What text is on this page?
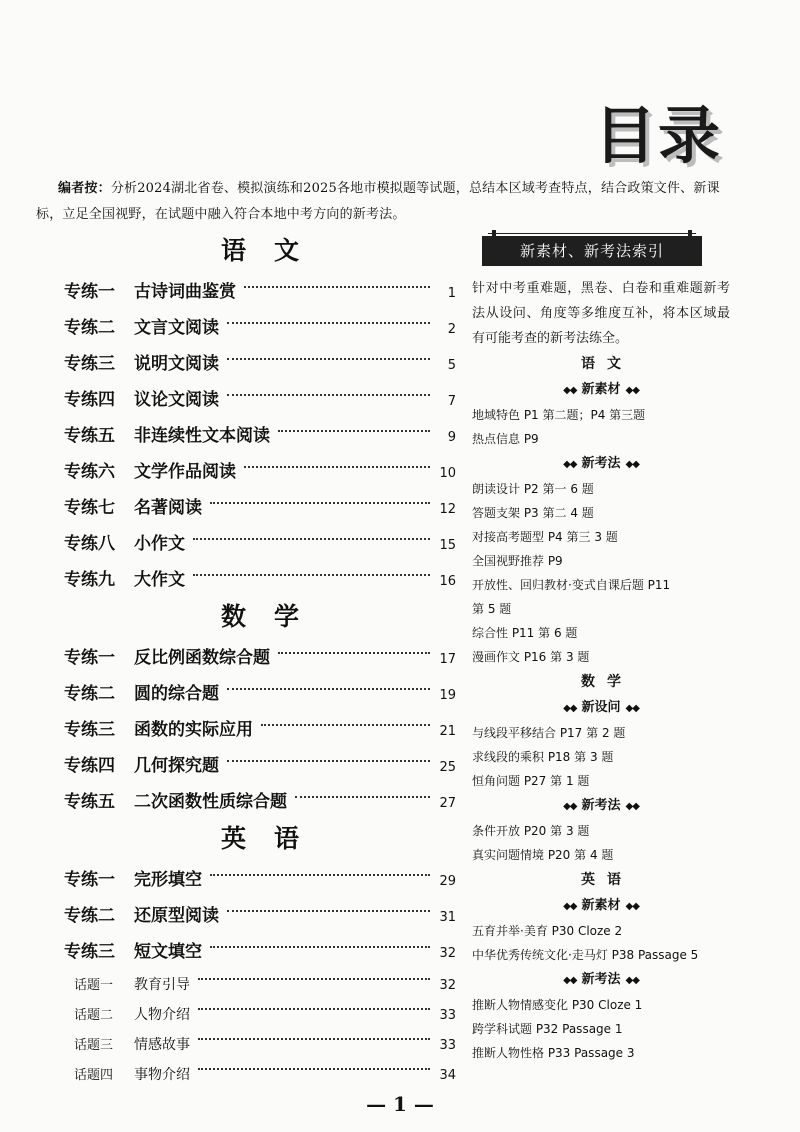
目录
编者按：分析2024湖北省卷、模拟演练和2025各地市模拟题等试题，总结本区域考查特点，结合政策文件、新课标，立足全国视野，在试题中融入符合本地中考方向的新考法。
语文
专练一	古诗词曲鉴赏	1
专练二	文言文阅读	2
专练三	说明文阅读	5
专练四	议论文阅读	7
专练五	非连续性文本阅读	9
专练六	文学作品阅读	10
专练七	名著阅读	12
专练八	小作文	15
专练九	大作文	16
数学
专练一	反比例函数综合题	17
专练二	圆的综合题	19
专练三	函数的实际应用	21
专练四	几何探究题	25
专练五	二次函数性质综合题	27
英语
专练一	完形填空	29
专练二	还原型阅读	31
专练三	短文填空	32
话题一	教育引导	32
话题二	人物介绍	33
话题三	情感故事	33
话题四	事物介绍	34
新素材、新考法索引
针对中考重难题，黑卷、白卷和重难题新考法从设问、角度等多维度互补，将本区域最有可能考查的新考法练全。
语文
◆◆ 新素材 ◆◆
地域特色 P1 第二题；P4 第三题
热点信息 P9
◆◆ 新考法 ◆◆
朗读设计 P2 第一 6 题
答题支架 P3 第二 4 题
对接高考题型 P4 第三 3 题
全国视野推荐 P9
开放性、回归教材·变式自课后题 P11
第 5 题
综合性 P11 第 6 题
漫画作文 P16 第 3 题
数学
◆◆ 新设问 ◆◆
与线段平移结合 P17 第 2 题
求线段的乘积 P18 第 3 题
恒角问题 P27 第 1 题
◆◆ 新考法 ◆◆
条件开放 P20 第 3 题
真实问题情境 P20 第 4 题
英语
◆◆ 新素材 ◆◆
五育并举·美育 P30 Cloze 2
中华优秀传统文化·走马灯 P38 Passage 5
◆◆ 新考法 ◆◆
推断人物情感变化 P30 Cloze 1
跨学科试题 P32 Passage 1
推断人物性格 P33 Passage 3
— 1 —
